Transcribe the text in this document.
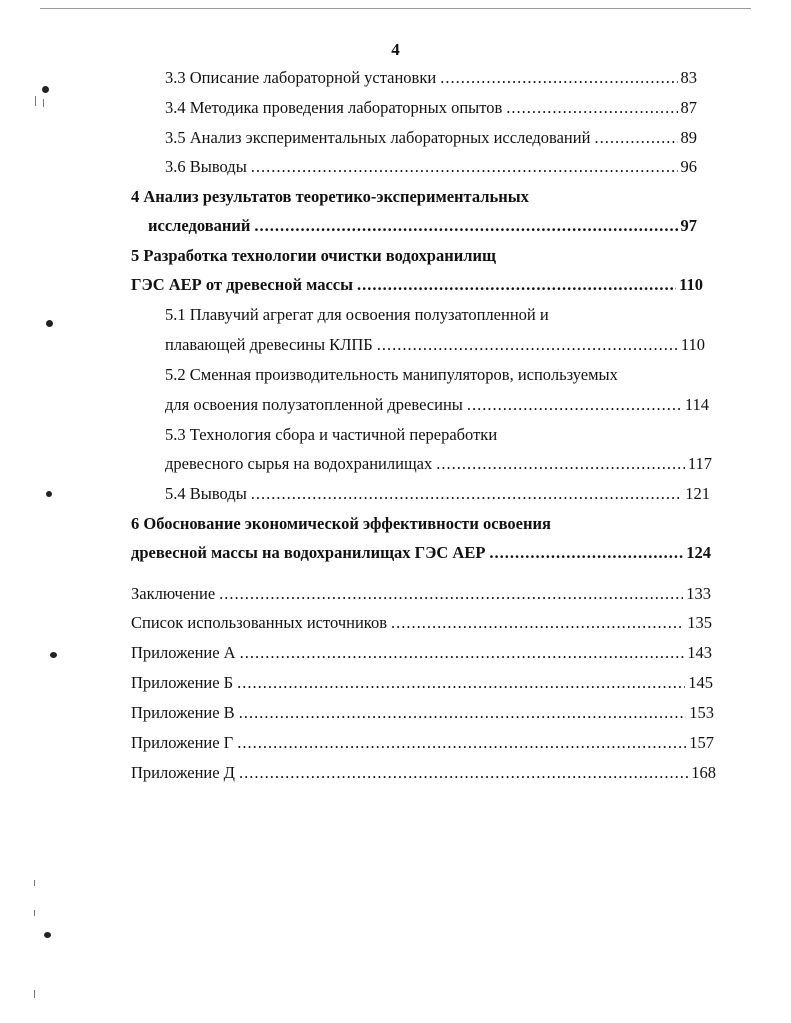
4
3.3 Описание лабораторной установки .....	83
3.4 Методика проведения лабораторных опытов .....	87
3.5 Анализ экспериментальных лабораторных исследований .....	89
3.6 Выводы .....	96
4 Анализ результатов теоретико-экспериментальных
исследований .....	97
5 Разработка технологии очистки водохранилищ
ГЭС АЕР от древесной массы .....	110
5.1 Плавучий агрегат для освоения полузатопленной и
плавающей древесины КЛПБ .....	110
5.2 Сменная производительность манипуляторов, используемых
для освоения полузатопленной древесины .....	114
5.3 Технология сбора и частичной переработки
древесного сырья на водохранилищах .....	117
5.4 Выводы .....	121
6 Обоснование экономической эффективности освоения
древесной массы на водохранилищах ГЭС АЕР .....	124
Заключение .....	133
Список использованных источников .....	135
Приложение А .....	143
Приложение Б .....	145
Приложение В .....	153
Приложение Г .....	157
Приложение Д .....	168
